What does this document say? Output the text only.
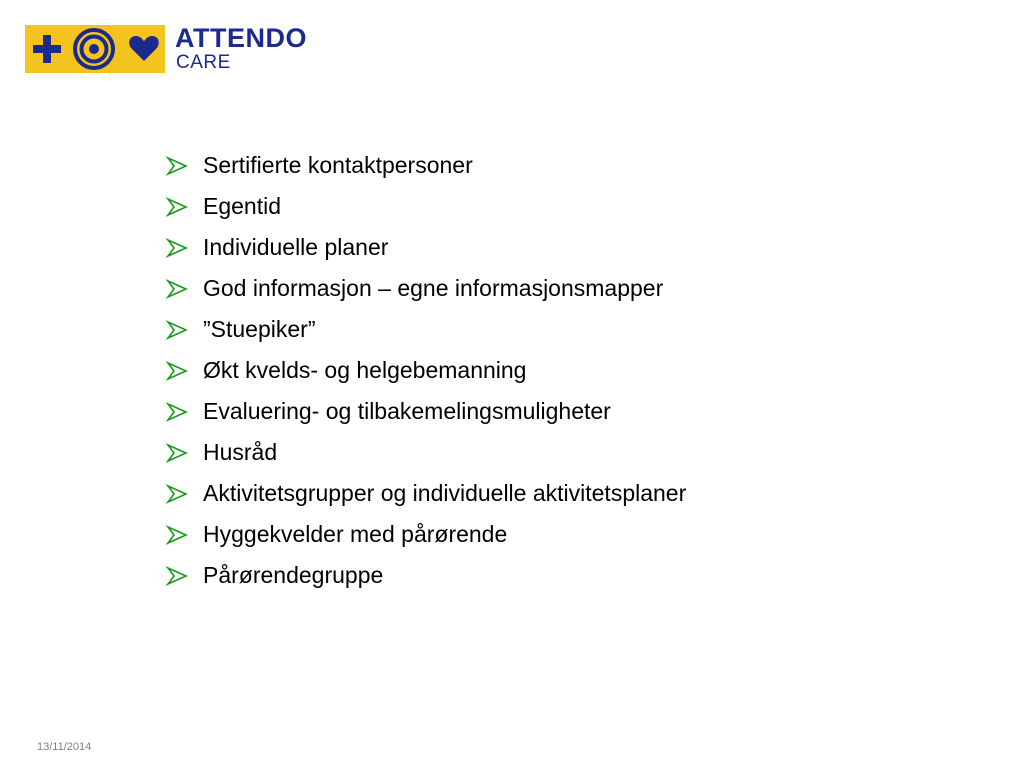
ATTENDO
CARE
Sertifierte kontaktpersoner
Egentid
Individuelle planer
God informasjon – egne informasjonsmapper
”Stuepiker”
Økt kvelds- og helgebemanning
Evaluering- og tilbakemelingsmuligheter
Husråd
Aktivitetsgrupper og individuelle aktivitetsplaner
Hyggekvelder med pårørende
Pårørendegruppe
13/11/2014
